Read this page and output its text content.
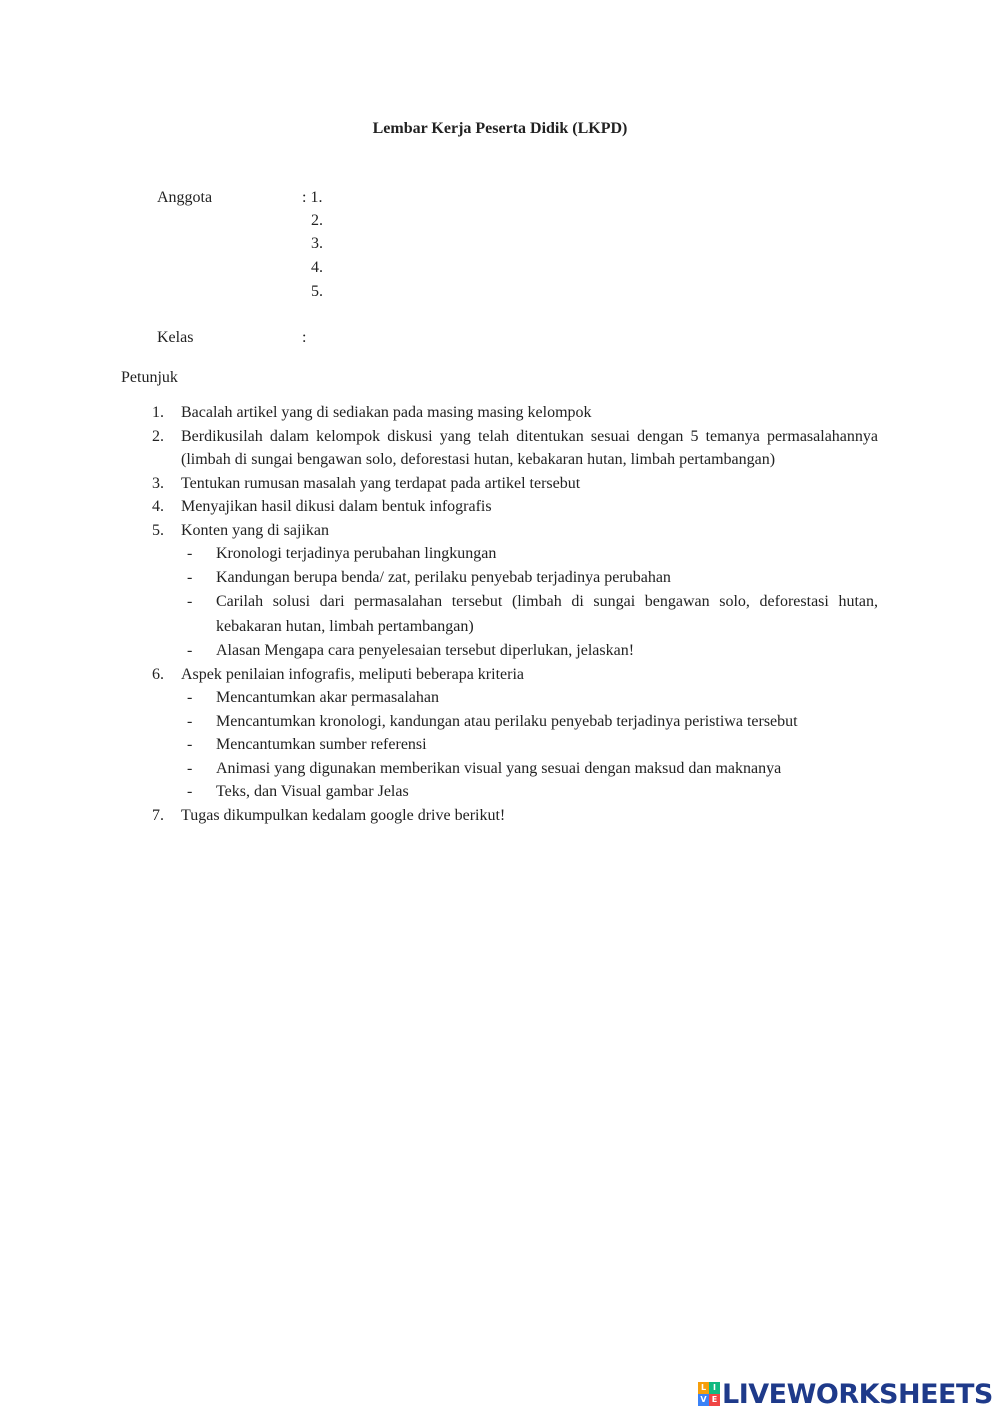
Lembar Kerja Peserta Didik (LKPD)
Anggota	: 1.
2.
3.
4.
5.
Kelas	:
Petunjuk
1. Bacalah artikel yang di sediakan pada masing masing kelompok
2. Berdikusilah dalam kelompok diskusi yang telah ditentukan sesuai dengan 5 temanya permasalahannya (limbah di sungai bengawan solo, deforestasi hutan, kebakaran hutan, limbah pertambangan)
3. Tentukan rumusan masalah yang terdapat pada artikel tersebut
4. Menyajikan hasil dikusi dalam bentuk infografis
5. Konten yang di sajikan
- Kronologi terjadinya perubahan lingkungan
- Kandungan berupa benda/ zat, perilaku penyebab terjadinya perubahan
- Carilah solusi dari permasalahan tersebut (limbah di sungai bengawan solo, deforestasi hutan, kebakaran hutan, limbah pertambangan)
- Alasan Mengapa cara penyelesaian tersebut diperlukan, jelaskan!
6. Aspek penilaian infografis, meliputi beberapa kriteria
- Mencantumkan akar permasalahan
- Mencantumkan kronologi, kandungan atau perilaku penyebab terjadinya peristiwa tersebut
- Mencantumkan sumber referensi
- Animasi yang digunakan memberikan visual yang sesuai dengan maksud dan maknanya
- Teks, dan Visual gambar Jelas
7. Tugas dikumpulkan kedalam google drive berikut!
L I
V E LIVEWORKSHEETS
